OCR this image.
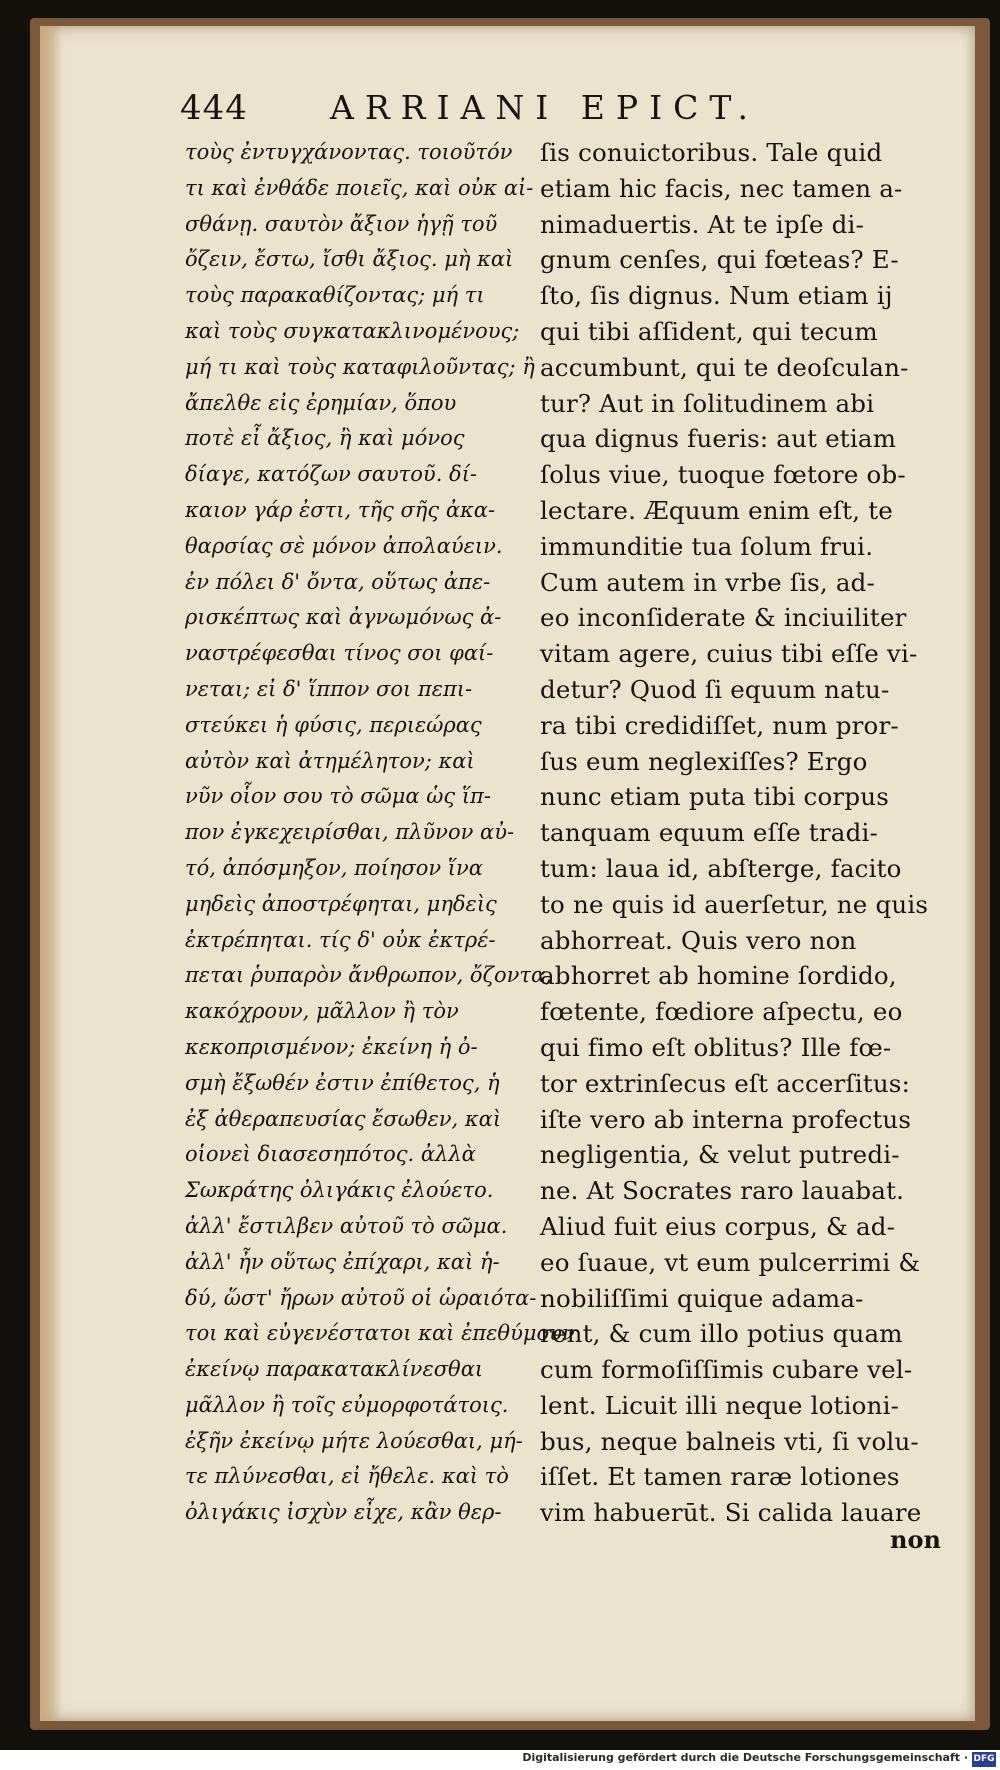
444 ARRIANI EPICT.
τοὺς ἐντυγχάνοντας. τοιοῦτόν
τι καὶ ἐνθάδε ποιεῖς, καὶ οὐκ αἰ-
σθάνῃ. σαυτὸν ἄξιον ἡγῇ τοῦ
ὄζειν, ἔστω, ἴσθι ἄξιος. μὴ καὶ
τοὺς παρακαθίζοντας; μή τι
καὶ τοὺς συγκατακλινομένους;
μή τι καὶ τοὺς καταφιλοῦντας; ἢ
ἄπελθε εἰς ἐρημίαν, ὅπου
ποτὲ εἶ ἄξιος, ἢ καὶ μόνος
δίαγε, κατόζων σαυτοῦ. δί-
καιον γάρ ἐστι, τῆς σῆς ἀκα-
θαρσίας σὲ μόνον ἀπολαύειν.
ἐν πόλει δ' ὄντα, οὕτως ἀπε-
ρισκέπτως καὶ ἀγνωμόνως ἀ-
ναστρέφεσθαι τίνος σοι φαί-
νεται; εἰ δ' ἵππον σοι πεπι-
στεύκει ἡ φύσις, περιεώρας
αὐτὸν καὶ ἀτημέλητον; καὶ
νῦν οἷον σου τὸ σῶμα ὡς ἵπ-
πον ἐγκεχειρίσθαι, πλῦνον αὐ-
τό, ἀπόσμηξον, ποίησον ἵνα
μηδεὶς ἀποστρέφηται, μηδεὶς
ἐκτρέπηται. τίς δ' οὐκ ἐκτρέ-
πεται ῥυπαρὸν ἄνθρωπον, ὄζοντα,
κακόχρουν, μᾶλλον ἢ τὸν
κεκοπρισμένον; ἐκείνη ἡ ὀ-
σμὴ ἔξωθέν ἐστιν ἐπίθετος, ἡ
ἐξ ἀθεραπευσίας ἔσωθεν, καὶ
οἱονεὶ διασεσηπότος. ἀλλὰ
Σωκράτης ὀλιγάκις ἐλούετο.
ἀλλ' ἔστιλβεν αὐτοῦ τὸ σῶμα.
ἀλλ' ἦν οὕτως ἐπίχαρι, καὶ ἡ-
δύ, ὥστ' ἤρων αὐτοῦ οἱ ὡραιότα-
τοι καὶ εὐγενέστατοι καὶ ἐπεθύμουν
ἐκείνῳ παρακατακλίνεσθαι
μᾶλλον ἢ τοῖς εὐμορφοτάτοις.
ἐξῆν ἐκείνῳ μήτε λούεσθαι, μή-
τε πλύνεσθαι, εἰ ἤθελε. καὶ τὸ
ὀλιγάκις ἰσχὺν εἶχε, κἂν θερ-
ſis conuictoribus. Tale quid
etiam hic facis, nec tamen a-
nimaduertis. At te ipſe di-
gnum cenſes, qui fœteas? E-
ſto, ſis dignus. Num etiam ij
qui tibi aſſident, qui tecum
accumbunt, qui te deoſculan-
tur? Aut in ſolitudinem abi
qua dignus fueris: aut etiam
ſolus viue, tuoque fœtore ob-
lectare. Æquum enim eſt, te
immunditie tua ſolum frui.
Cum autem in vrbe ſis, ad-
eo inconſiderate & inciuiliter
vitam agere, cuius tibi eſſe vi-
detur? Quod ſi equum natu-
ra tibi credidiſſet, num pror-
ſus eum neglexiſſes? Ergo
nunc etiam puta tibi corpus
tanquam equum eſſe tradi-
tum: laua id, abſterge, facito
to ne quis id auerſetur, ne quis
abhorreat. Quis vero non
abhorret ab homine ſordido,
fœtente, fœdiore aſpectu, eo
qui fimo eſt oblitus? Ille fœ-
tor extrinſecus eſt accerſitus:
iſte vero ab interna profectus
negligentia, & velut putredi-
ne. At Socrates raro lauabat.
Aliud fuit eius corpus, & ad-
eo ſuaue, vt eum pulcerrimi &
nobiliſſimi quique adama-
rent, & cum illo potius quam
cum formoſiſſimis cubare vel-
lent. Licuit illi neque lotioni-
bus, neque balneis vti, ſi volu-
iſſet. Et tamen raræ lotiones
vim habuerūt. Si calida lauare
non
Digitalisierung gefördert durch die Deutsche Forschungsgemeinschaft · DFG
